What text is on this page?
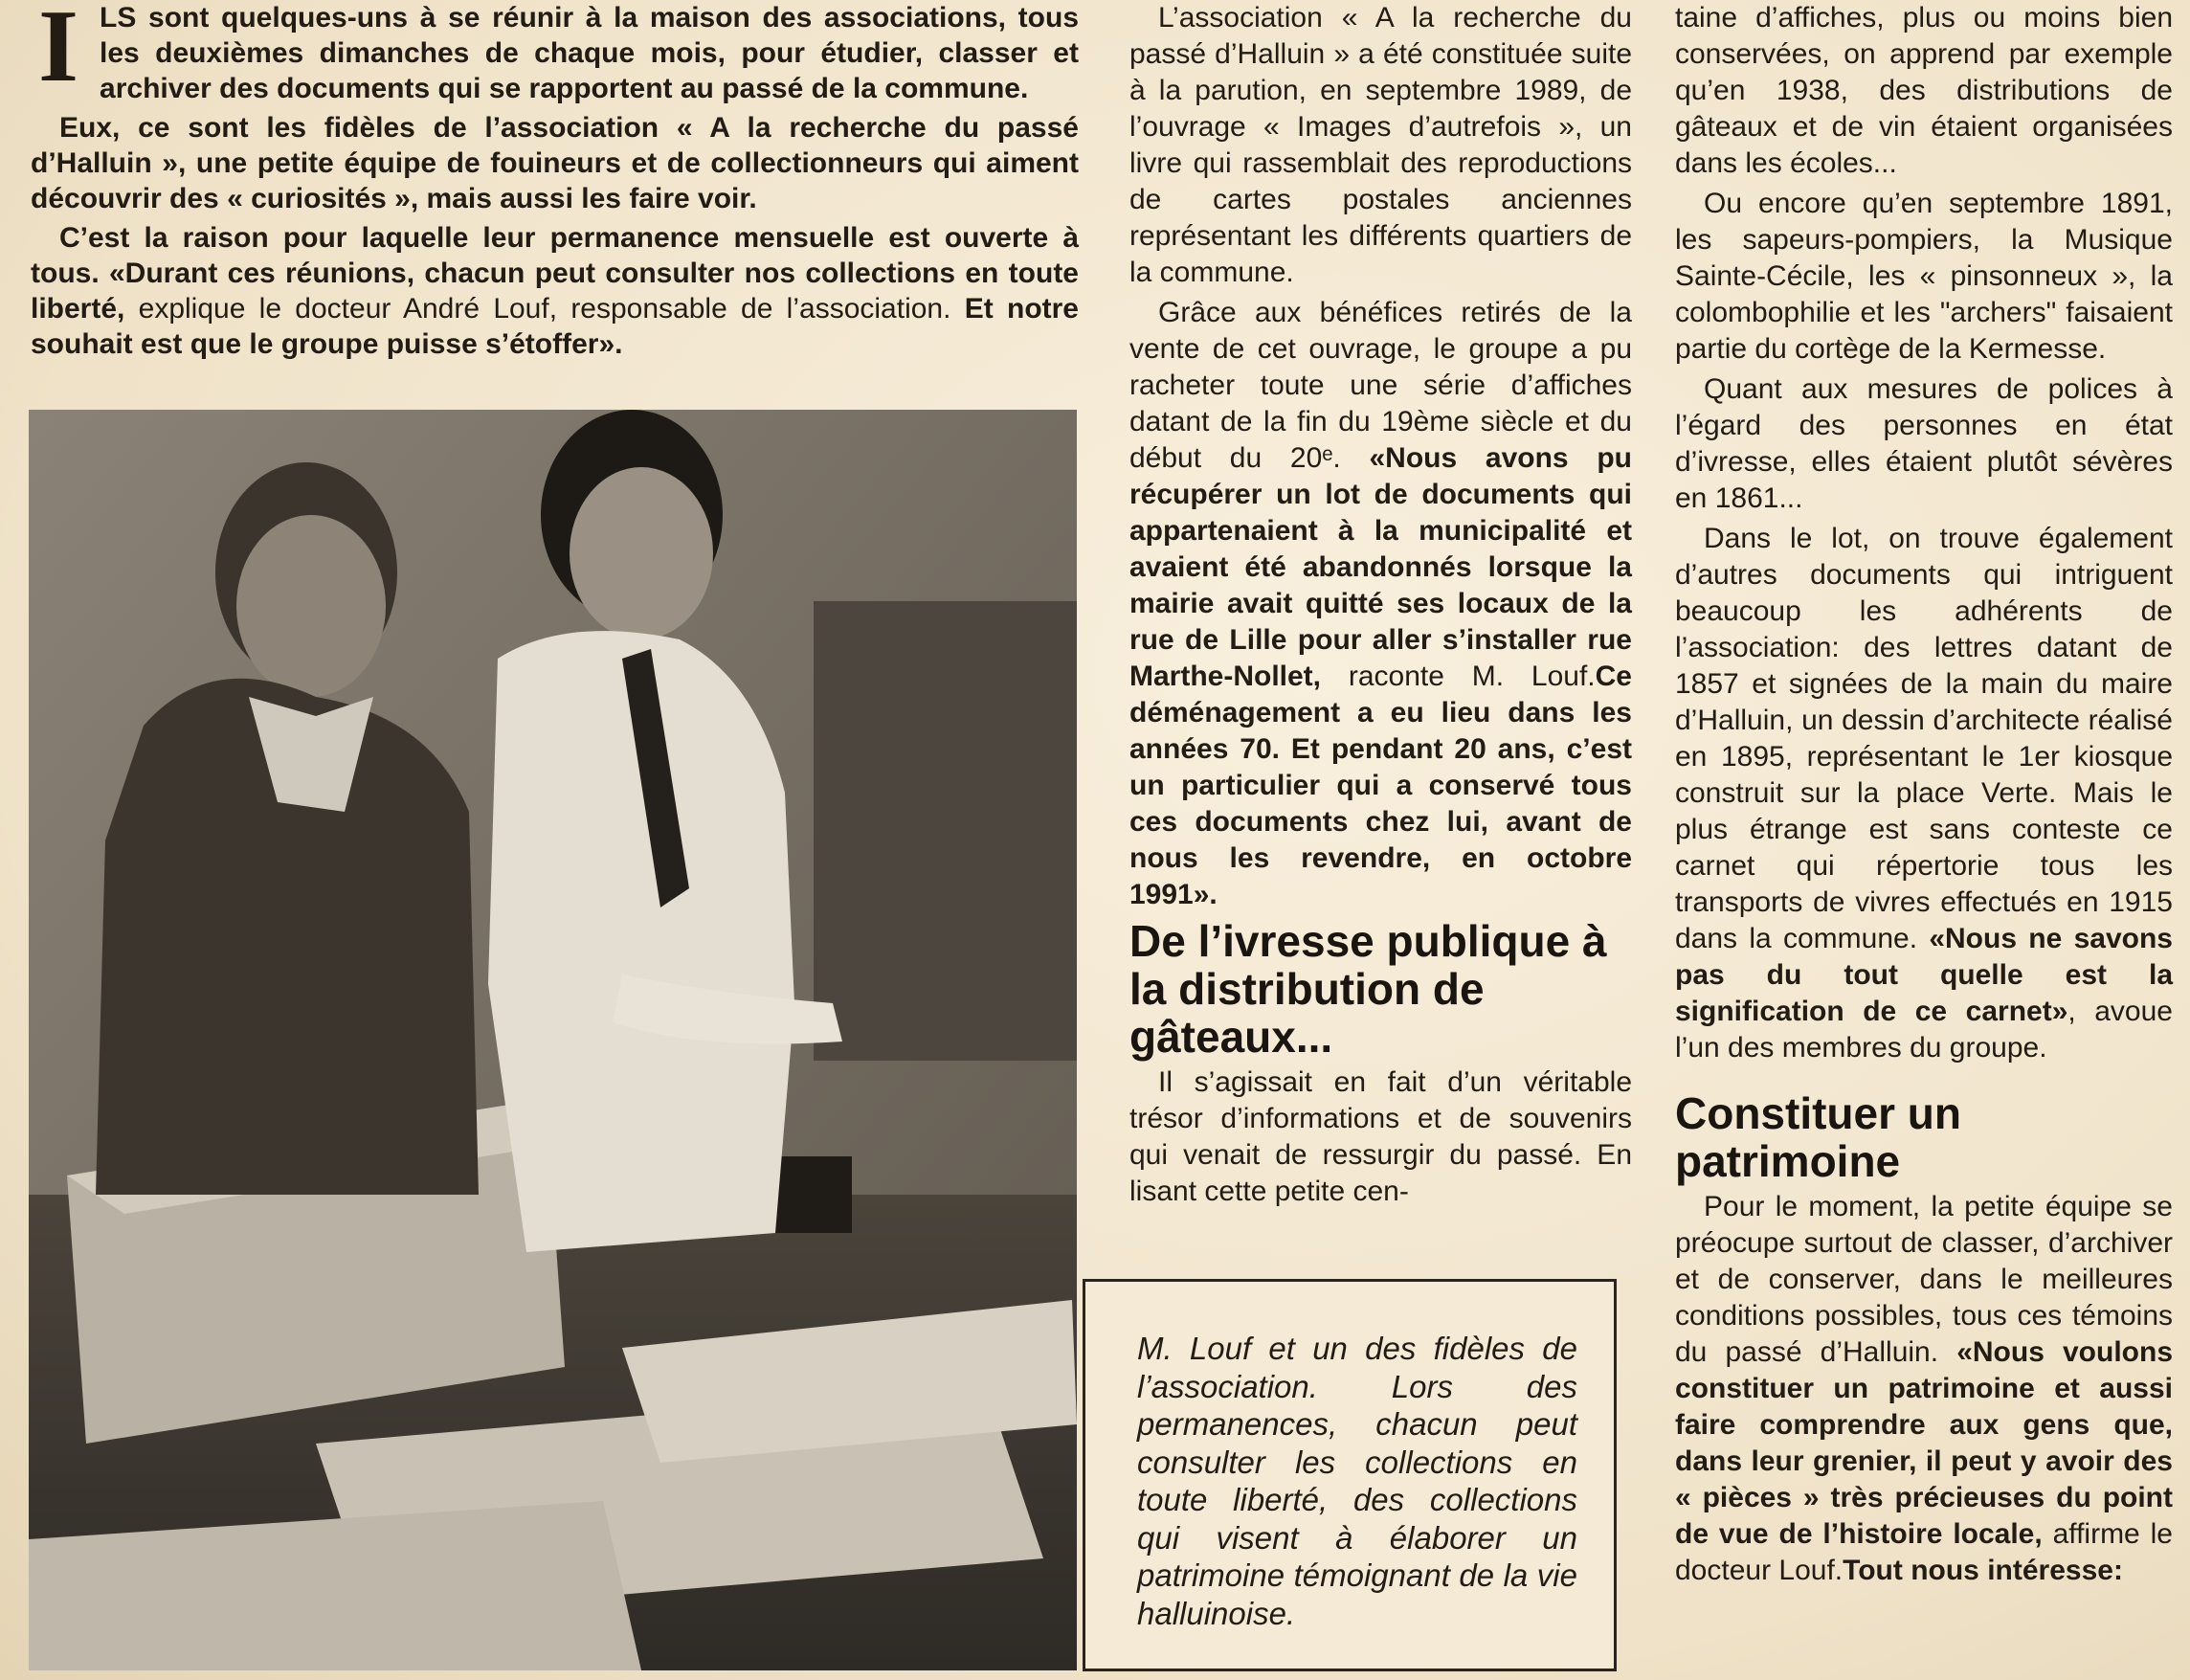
I LS sont quelques-uns à se réunir à la maison des associations, tous les deuxièmes dimanches de chaque mois, pour étudier, classer et archiver des documents qui se rapportent au passé de la commune.

Eux, ce sont les fidèles de l’association « A la recherche du passé d’Halluin », une petite équipe de fouineurs et de collectionneurs qui aiment découvrir des « curiosités », mais aussi les faire voir.

C’est la raison pour laquelle leur permanence mensuelle est ouverte à tous. «Durant ces réunions, chacun peut consulter nos collections en toute liberté, explique le docteur André Louf, responsable de l’association. Et notre souhait est que le groupe puisse s’étoffer».

L’association « A la recherche du passé d’Halluin » a été constituée suite à la parution, en septembre 1989, de l’ouvrage « Images d’autrefois », un livre qui rassemblait des reproductions de cartes postales anciennes représentant les différents quartiers de la commune.

Grâce aux bénéfices retirés de la vente de cet ouvrage, le groupe a pu racheter toute une série d’affiches datant de la fin du 19ème siècle et du début du 20ᵉ. «Nous avons pu récupérer un lot de documents qui appartenaient à la municipalité et avaient été abandonnés lorsque la mairie avait quitté ses locaux de la rue de Lille pour aller s’installer rue Marthe-Nollet, raconte M. Louf.Ce déménagement a eu lieu dans les années 70. Et pendant 20 ans, c’est un particulier qui a conservé tous ces documents chez lui, avant de nous les revendre, en octobre 1991».

De l’ivresse publique à la distribution de gâteaux...

Il s’agissait en fait d’un véritable trésor d’informations et de souvenirs qui venait de ressurgir du passé. En lisant cette petite cen-

taine d’affiches, plus ou moins bien conservées, on apprend par exemple qu’en 1938, des distributions de gâteaux et de vin étaient organisées dans les écoles...

Ou encore qu’en septembre 1891, les sapeurs-pompiers, la Musique Sainte-Cécile, les « pinsonneux », la colombophilie et les "archers" faisaient partie du cortège de la Kermesse.

Quant aux mesures de polices à l’égard des personnes en état d’ivresse, elles étaient plutôt sévères en 1861...

Dans le lot, on trouve également d’autres documents qui intriguent beaucoup les adhérents de l’association: des lettres datant de 1857 et signées de la main du maire d’Halluin, un dessin d’architecte réalisé en 1895, représentant le 1er kiosque construit sur la place Verte. Mais le plus étrange est sans conteste ce carnet qui répertorie tous les transports de vivres effectués en 1915 dans la commune. «Nous ne savons pas du tout quelle est la signification de ce carnet», avoue l’un des membres du groupe.

Constituer un patrimoine

Pour le moment, la petite équipe se préocupe surtout de classer, d’archiver et de conserver, dans le meilleures conditions possibles, tous ces témoins du passé d’Halluin. «Nous voulons constituer un patrimoine et aussi faire comprendre aux gens que, dans leur grenier, il peut y avoir des « pièces » très précieuses du point de vue de l’histoire locale, affirme le docteur Louf.Tout nous intéresse:

M. Louf et un des fidèles de l’association. Lors des permanences, chacun peut consulter les collections en toute liberté, des collections qui visent à élaborer un patrimoine témoignant de la vie halluinoise.
